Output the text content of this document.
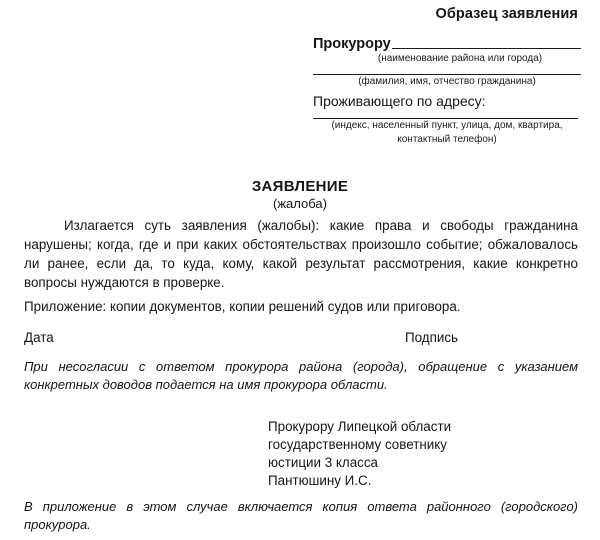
Образец заявления
Прокурору
(наименование района или города)
(фамилия, имя, отчество гражданина)
Проживающего по адресу:
(индекс, населенный пункт, улица, дом, квартира,
контактный телефон)
ЗАЯВЛЕНИЕ
(жалоба)
Излагается суть заявления (жалобы): какие права и свободы гражданина нарушены; когда, где и при каких обстоятельствах произошло событие; обжаловалось ли ранее, если да, то куда, кому, какой результат рассмотрения, какие конкретно вопросы нуждаются в проверке.
Приложение: копии документов, копии решений судов или приговора.
Дата	Подпись
При несогласии с ответом прокурора района (города), обращение с указанием конкретных доводов подается на имя прокурора области.
Прокурору Липецкой области
государственному советнику
юстиции 3 класса
Пантюшину И.С.
В приложение в этом случае включается копия ответа районного (городского) прокурора.
